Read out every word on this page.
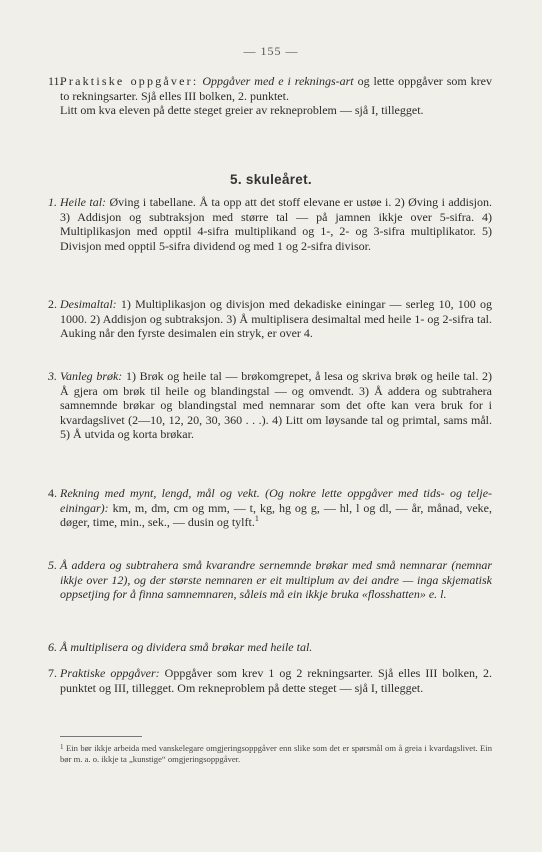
— 155 —
11.
Praktiske oppgåver: Oppgåver med e i reknings-art og lette oppgåver som krev to rekningsarter. Sjå elles III bolken, 2. punktet.
Litt om kva eleven på dette steget greier av rekneproblem — sjå I, tillegget.
5. skuleåret.
1. Heile tal: Øving i tabellane. Å ta opp att det stoff elevane er ustøe i. 2) Øving i addisjon. 3) Addisjon og subtraksjon med større tal — på jamnen ikkje over 5-sifra. 4) Multiplikasjon med opptil 4-sifra multiplikand og 1-, 2- og 3-sifra multiplikator. 5) Divisjon med opptil 5-sifra dividend og med 1 og 2-sifra divisor.
2. Desimaltal: 1) Multiplikasjon og divisjon med dekadiske einingar — serleg 10, 100 og 1000. 2) Addisjon og subtraksjon. 3) Å multiplisera desimaltal med heile 1- og 2-sifra tal. Auking når den fyrste desimalen ein stryk, er over 4.
3. Vanleg brøk: 1) Brøk og heile tal — brøkomgrepet, å lesa og skriva brøk og heile tal. 2) Å gjera om brøk til heile og blandingstal — og omvendt. 3) Å addera og subtrahera samnemnde brøkar og blandingstal med nemnarar som det ofte kan vera bruk for i kvardagslivet (2—10, 12, 20, 30, 360 . . .). 4) Litt om løysande tal og primtal, sams mål. 5) Å utvida og korta brøkar.
4. Rekning med mynt, lengd, mål og vekt. (Og nokre lette oppgåver med tids- og telje-einingar): km, m, dm, cm og mm, — t, kg, hg og g, — hl, l og dl, — år, månad, veke, døger, time, min., sek., — dusin og tylft.$^1$
5. Å addera og subtrahera små kvarandre sernemnde brøkar med små nemnarar (nemnar ikkje over 12), og der største nemnaren er eit multiplum av dei andre — inga skjematisk oppsetjing for å finna samnemnaren, såleis må ein ikkje bruka «flosshatten» e. l.
6. Å multiplisera og dividera små brøkar med heile tal.
7. Praktiske oppgåver: Oppgåver som krev 1 og 2 rekningsarter. Sjå elles III bolken, 2. punktet og III, tillegget. Om rekneproblem på dette steget — sjå I, tillegget.
$^1$ Ein bør ikkje arbeida med vanskelegare omgjeringsoppgåver enn slike som det er spørsmål om å greia i kvardagslivet. Ein bør m. a. o. ikkje ta „kunstige“ omgjeringsoppgåver.
